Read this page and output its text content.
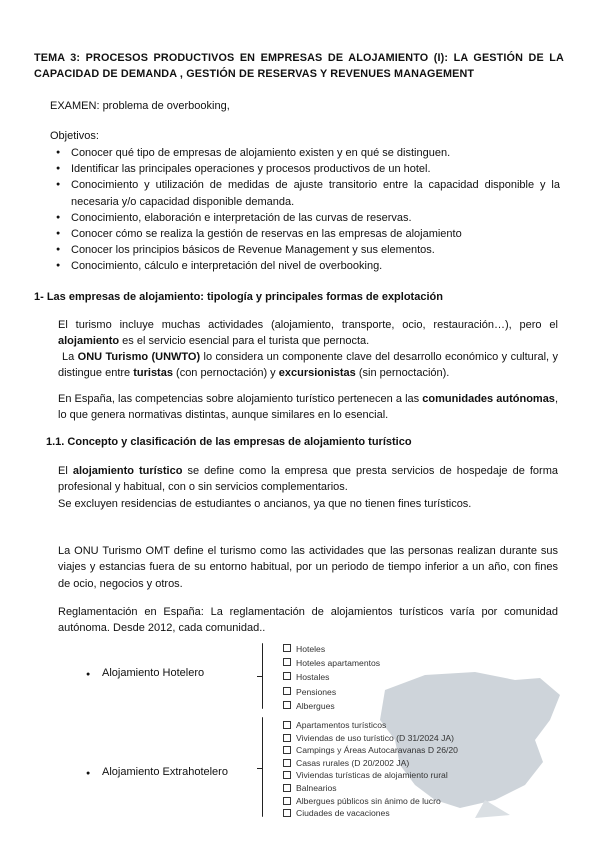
TEMA 3: PROCESOS PRODUCTIVOS EN EMPRESAS DE ALOJAMIENTO (I): LA GESTIÓN DE LA CAPACIDAD DE DEMANDA , GESTIÓN DE RESERVAS Y REVENUES MANAGEMENT
EXAMEN: problema de overbooking,
Objetivos:
● Conocer qué tipo de empresas de alojamiento existen y en qué se distinguen.
● Identificar las principales operaciones y procesos productivos de un hotel.
● Conocimiento y utilización de medidas de ajuste transitorio entre la capacidad disponible y la necesaria y/o capacidad disponible demanda.
● Conocimiento, elaboración e interpretación de las curvas de reservas.
● Conocer cómo se realiza la gestión de reservas en las empresas de alojamiento
● Conocer los principios básicos de Revenue Management y sus elementos.
● Conocimiento, cálculo e interpretación del nivel de overbooking.
1- Las empresas de alojamiento: tipología y principales formas de explotación
El turismo incluye muchas actividades (alojamiento, transporte, ocio, restauración…), pero el alojamiento es el servicio esencial para el turista que pernocta.
La ONU Turismo (UNWTO) lo considera un componente clave del desarrollo económico y cultural, y distingue entre turistas (con pernoctación) y excursionistas (sin pernoctación).
En España, las competencias sobre alojamiento turístico pertenecen a las comunidades autónomas, lo que genera normativas distintas, aunque similares en lo esencial.
1.1. Concepto y clasificación de las empresas de alojamiento turístico
El alojamiento turístico se define como la empresa que presta servicios de hospedaje de forma profesional y habitual, con o sin servicios complementarios.
Se excluyen residencias de estudiantes o ancianos, ya que no tienen fines turísticos.
La ONU Turismo OMT define el turismo como las actividades que las personas realizan durante sus viajes y estancias fuera de su entorno habitual, por un periodo de tiempo inferior a un año, con fines de ocio, negocios y otros.
Reglamentación en España: La reglamentación de alojamientos turísticos varía por comunidad autónoma. Desde 2012, cada comunidad..
● Alojamiento Hotelero
Hoteles
Hoteles apartamentos
Hostales
Pensiones
Albergues
● Alojamiento Extrahotelero
Apartamentos turísticos
Viviendas de uso turístico (D 31/2024 JA)
Campings y Áreas Autocaravanas D 26/20
Casas rurales (D 20/2002 JA)
Viviendas turísticas de alojamiento rural
Balnearios
Albergues públicos sin ánimo de lucro
Ciudades de vacaciones
